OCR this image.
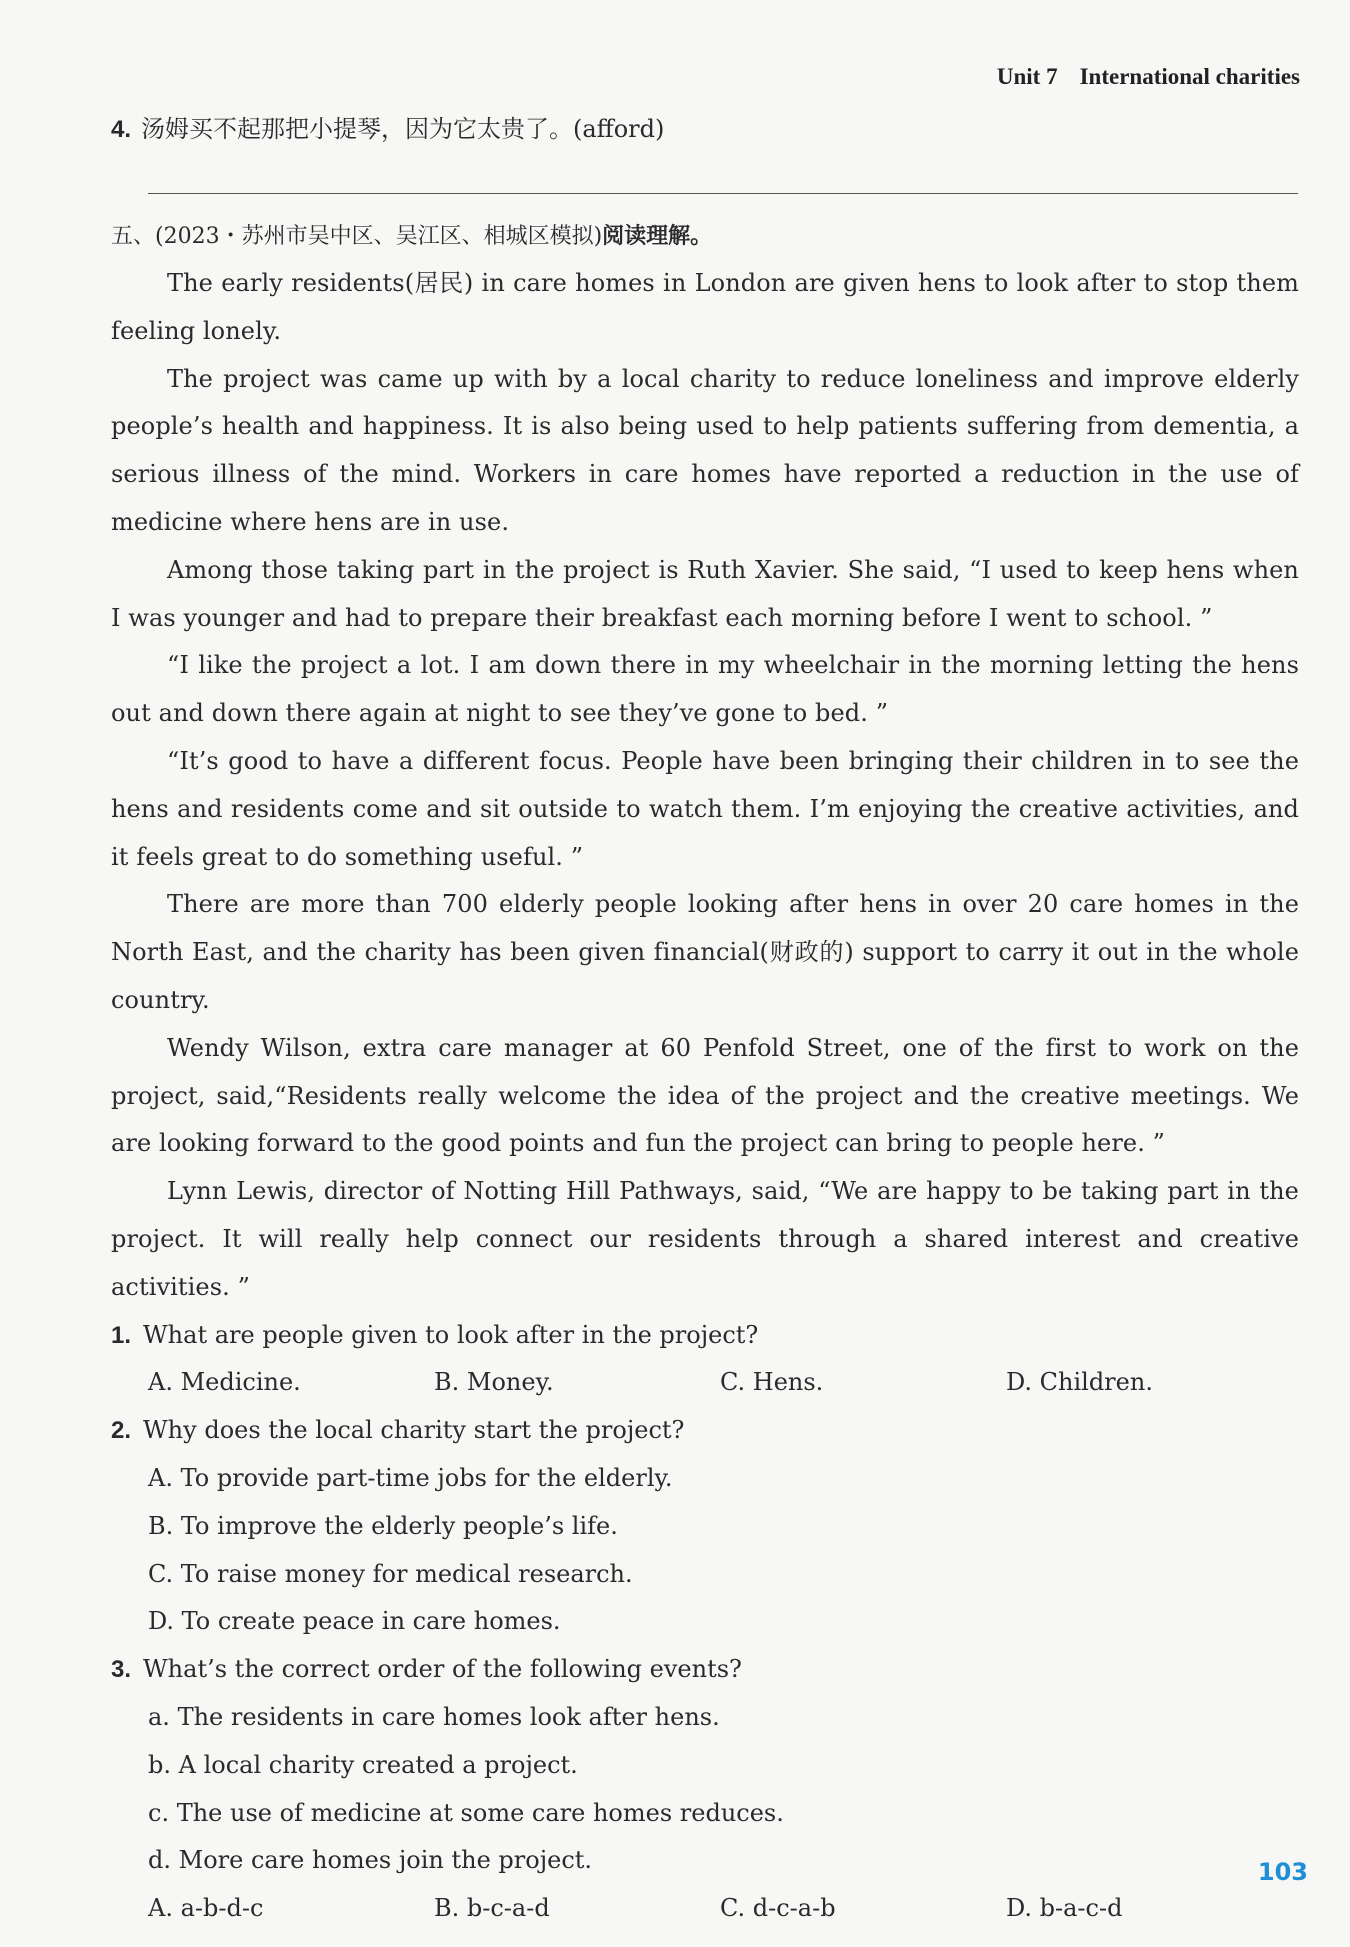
Unit 7 International charities
4. 汤姆买不起那把小提琴，因为它太贵了。(afford)
五、(2023・苏州市吴中区、吴江区、相城区模拟)阅读理解。

The early residents(居民) in care homes in London are given hens to look after to stop them feeling lonely.

The project was came up with by a local charity to reduce loneliness and improve elderly people’s health and happiness. It is also being used to help patients suffering from dementia, a serious illness of the mind. Workers in care homes have reported a reduction in the use of medicine where hens are in use.

Among those taking part in the project is Ruth Xavier. She said, “I used to keep hens when I was younger and had to prepare their breakfast each morning before I went to school. ”

“I like the project a lot. I am down there in my wheelchair in the morning letting the hens out and down there again at night to see they’ve gone to bed. ”

“It’s good to have a different focus. People have been bringing their children in to see the hens and residents come and sit outside to watch them. I’m enjoying the creative activities, and it feels great to do something useful. ”

There are more than 700 elderly people looking after hens in over 20 care homes in the North East, and the charity has been given financial(财政的) support to carry it out in the whole country.

Wendy Wilson, extra care manager at 60 Penfold Street, one of the first to work on the project, said,“Residents really welcome the idea of the project and the creative meetings. We are looking forward to the good points and fun the project can bring to people here. ”

Lynn Lewis, director of Notting Hill Pathways, said, “We are happy to be taking part in the project. It will really help connect our residents through a shared interest and creative activities. ”

1. What are people given to look after in the project?
A. Medicine.	B. Money.	C. Hens.	D. Children.
2. Why does the local charity start the project?
A. To provide part-time jobs for the elderly.
B. To improve the elderly people’s life.
C. To raise money for medical research.
D. To create peace in care homes.
3. What’s the correct order of the following events?
a. The residents in care homes look after hens.
b. A local charity created a project.
c. The use of medicine at some care homes reduces.
d. More care homes join the project.
A. a-b-d-c	B. b-c-a-d	C. d-c-a-b	D. b-a-c-d
103
